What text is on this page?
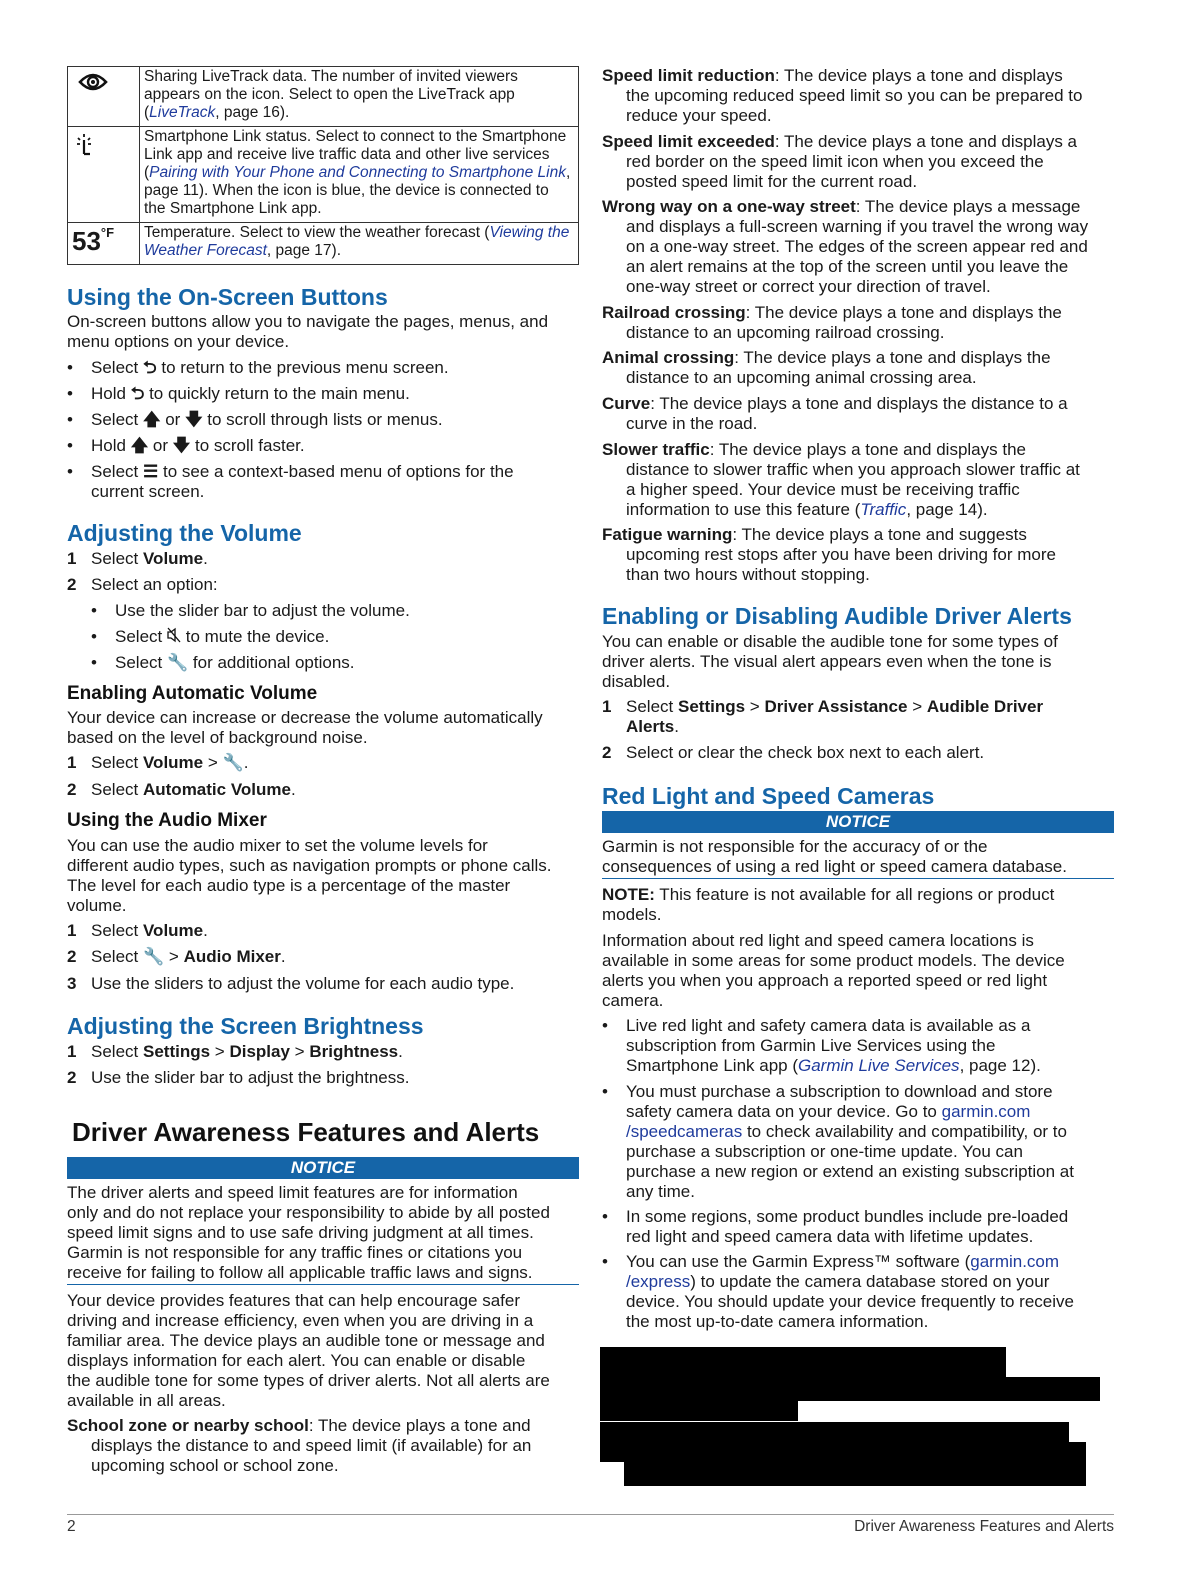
	Sharing LiveTrack data. The number of invited viewers appears on the icon. Select to open the LiveTrack app (LiveTrack, page 16).
	Smartphone Link status. Select to connect to the Smartphone Link app and receive live traffic data and other live services (Pairing with Your Phone and Connecting to Smartphone Link, page 11). When the icon is blue, the device is connected to the Smartphone Link app.
$53^{^\circ F}$	Temperature. Select to view the weather forecast (Viewing the Weather Forecast, page 17).
Using the On-Screen Buttons
On-screen buttons allow you to navigate the pages, menus, and
menu options on your device.
• Select ⮌ to return to the previous menu screen.
• Hold ⮌ to quickly return to the main menu.
• Select 🡅 or 🡇 to scroll through lists or menus.
• Hold 🡅 or 🡇 to scroll faster.
• Select ☰ to see a context-based menu of options for the
current screen.
Adjusting the Volume
1 Select Volume.
2 Select an option:
• Use the slider bar to adjust the volume.
• Select to mute the device.
• Select 🔧 for additional options.
Enabling Automatic Volume
Your device can increase or decrease the volume automatically
based on the level of background noise.
1 Select Volume > 🔧.
2 Select Automatic Volume.
Using the Audio Mixer
You can use the audio mixer to set the volume levels for
different audio types, such as navigation prompts or phone calls.
The level for each audio type is a percentage of the master
volume.
1 Select Volume.
2 Select 🔧 > Audio Mixer.
3 Use the sliders to adjust the volume for each audio type.
Adjusting the Screen Brightness
1 Select Settings > Display > Brightness.
2 Use the slider bar to adjust the brightness.
Driver Awareness Features and Alerts
NOTICE
The driver alerts and speed limit features are for information
only and do not replace your responsibility to abide by all posted
speed limit signs and to use safe driving judgment at all times.
Garmin is not responsible for any traffic fines or citations you
receive for failing to follow all applicable traffic laws and signs.
Your device provides features that can help encourage safer
driving and increase efficiency, even when you are driving in a
familiar area. The device plays an audible tone or message and
displays information for each alert. You can enable or disable
the audible tone for some types of driver alerts. Not all alerts are
available in all areas.
School zone or nearby school: The device plays a tone and
displays the distance to and speed limit (if available) for an
upcoming school or school zone.
Speed limit reduction: The device plays a tone and displays
the upcoming reduced speed limit so you can be prepared to
reduce your speed.
Speed limit exceeded: The device plays a tone and displays a
red border on the speed limit icon when you exceed the
posted speed limit for the current road.
Wrong way on a one-way street: The device plays a message
and displays a full-screen warning if you travel the wrong way
on a one-way street. The edges of the screen appear red and
an alert remains at the top of the screen until you leave the
one-way street or correct your direction of travel.
Railroad crossing: The device plays a tone and displays the
distance to an upcoming railroad crossing.
Animal crossing: The device plays a tone and displays the
distance to an upcoming animal crossing area.
Curve: The device plays a tone and displays the distance to a
curve in the road.
Slower traffic: The device plays a tone and displays the
distance to slower traffic when you approach slower traffic at
a higher speed. Your device must be receiving traffic
information to use this feature (Traffic, page 14).
Fatigue warning: The device plays a tone and suggests
upcoming rest stops after you have been driving for more
than two hours without stopping.
Enabling or Disabling Audible Driver Alerts
You can enable or disable the audible tone for some types of
driver alerts. The visual alert appears even when the tone is
disabled.
1 Select Settings > Driver Assistance > Audible Driver
Alerts.
2 Select or clear the check box next to each alert.
Red Light and Speed Cameras
NOTICE
Garmin is not responsible for the accuracy of or the
consequences of using a red light or speed camera database.
NOTE: This feature is not available for all regions or product
models.
Information about red light and speed camera locations is
available in some areas for some product models. The device
alerts you when you approach a reported speed or red light
camera.
• Live red light and safety camera data is available as a
subscription from Garmin Live Services using the
Smartphone Link app (Garmin Live Services, page 12).
• You must purchase a subscription to download and store
safety camera data on your device. Go to garmin.com
/speedcameras to check availability and compatibility, or to
purchase a subscription or one-time update. You can
purchase a new region or extend an existing subscription at
any time.
• In some regions, some product bundles include pre-loaded
red light and speed camera data with lifetime updates.
• You can use the Garmin Express™ software (garmin.com
/express) to update the camera database stored on your
device. You should update your device frequently to receive
the most up-to-date camera information.
2	Driver Awareness Features and Alerts
